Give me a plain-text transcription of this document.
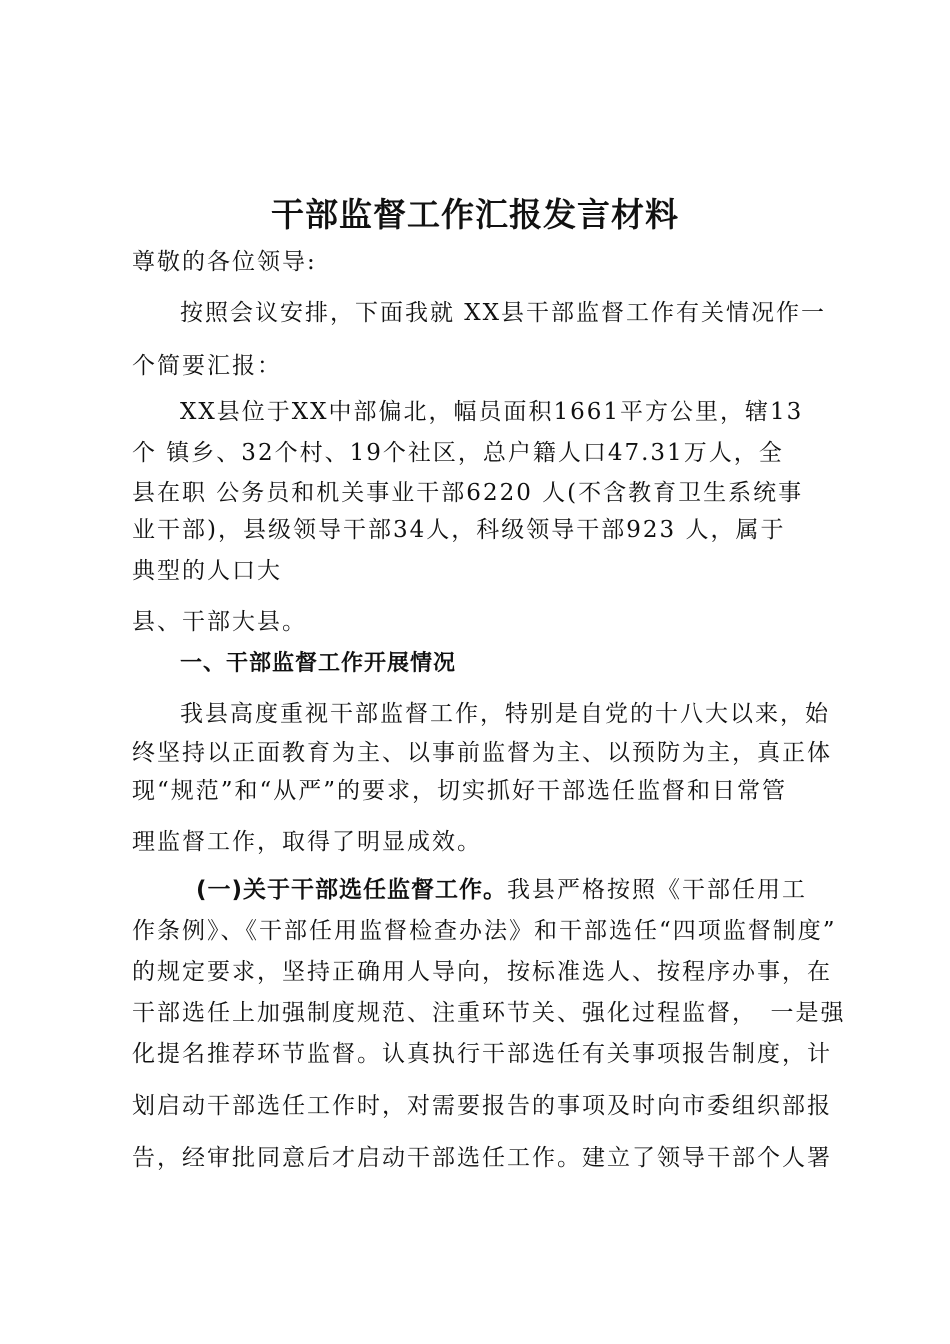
干部监督工作汇报发言材料

尊敬的各位领导:

按照会议安排，下面我就 XX县干部监督工作有关情况作一

个简要汇报：

XX县位于XX中部偏北，幅员面积1661平方公里，辖13

个 镇乡、32个村、19个社区，总户籍人口47.31万人，全

县在职 公务员和机关事业干部6220 人(不含教育卫生系统事

业干部)，县级领导干部34人，科级领导干部923 人，属于

典型的人口大

县、干部大县。

一、干部监督工作开展情况

我县高度重视干部监督工作，特别是自党的十八大以来，始

终坚持以正面教育为主、以事前监督为主、以预防为主，真正体

现“规范”和“从严”的要求，切实抓好干部选任监督和日常管

理监督工作，取得了明显成效。

(一)关于干部选任监督工作。我县严格按照《干部任用工

作条例》、《干部任用监督检查办法》和干部选任“四项监督制度”

的规定要求，坚持正确用人导向，按标准选人、按程序办事，在

干部选任上加强制度规范、注重环节关、强化过程监督，　一是强

化提名推荐环节监督。认真执行干部选任有关事项报告制度，计

划启动干部选任工作时，对需要报告的事项及时向市委组织部报

告，经审批同意后才启动干部选任工作。建立了领导干部个人署
